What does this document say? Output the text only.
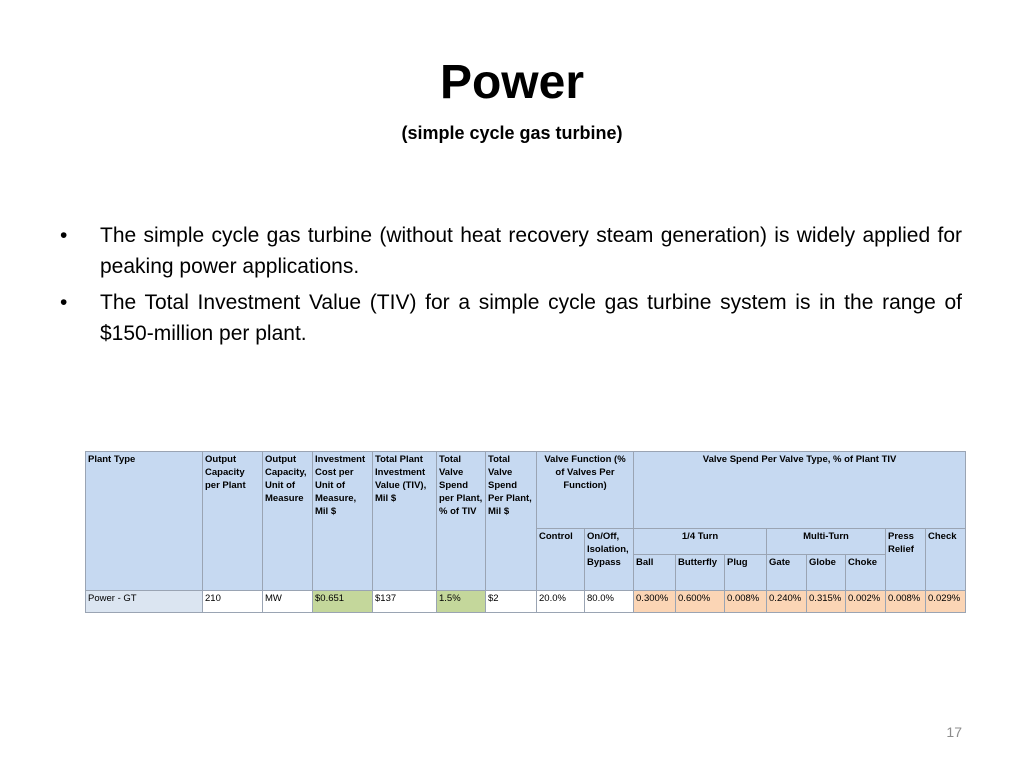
Power
(simple cycle gas turbine)
•	The simple cycle gas turbine (without heat recovery steam generation) is widely applied for peaking power applications.
•	The Total Investment Value (TIV) for a simple cycle gas turbine system is in the range of $150-million per plant.
Plant Type	Output Capacity per Plant	Output Capacity, Unit of Measure	Investment Cost per Unit of Measure, Mil $	Total Plant Investment Value (TIV), Mil $	Total Valve Spend per Plant, % of TIV	Total Valve Spend Per Plant, Mil $	Valve Function (% of Valves Per Function)		Valve Spend Per Valve Type, % of Plant TIV							
							Control	On/Off, Isolation, Bypass	1/4 Turn			Multi-Turn			Press Relief	Check
									Ball	Butterfly	Plug	Gate	Globe	Choke		
Power - GT	210	MW	$0.651	$137	1.5%	$2	20.0%	80.0%	0.300%	0.600%	0.008%	0.240%	0.315%	0.002%	0.008%	0.029%
17
